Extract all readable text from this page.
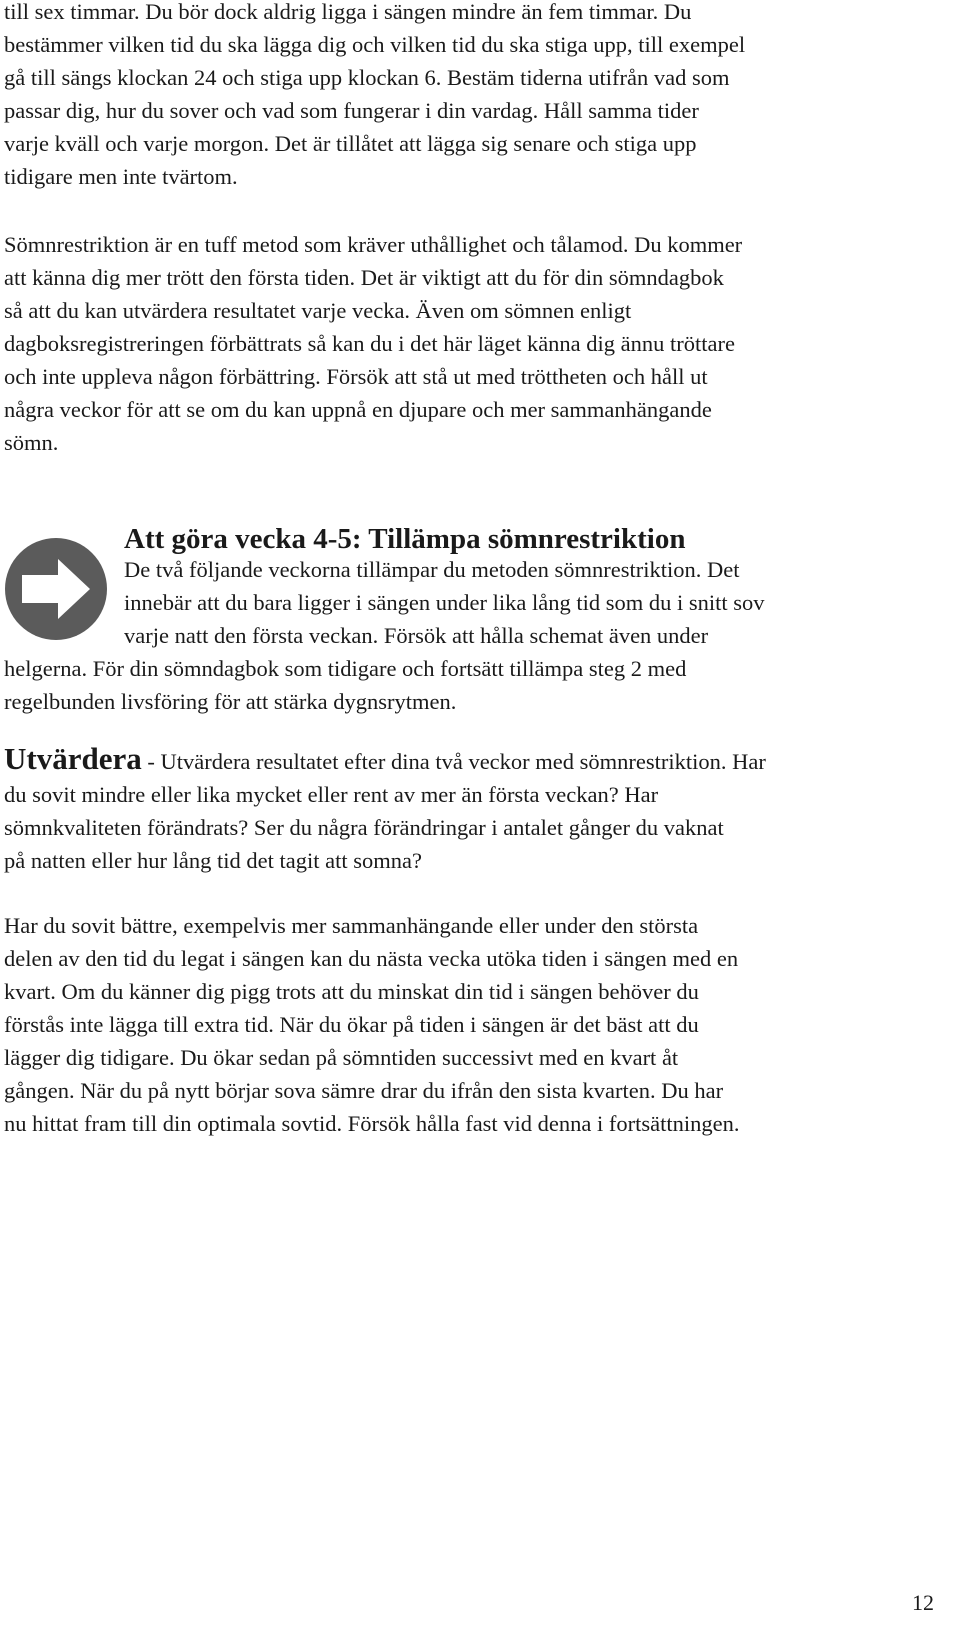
till sex timmar. Du bör dock aldrig ligga i sängen mindre än fem timmar. Du
bestämmer vilken tid du ska lägga dig och vilken tid du ska stiga upp, till exempel
gå till sängs klockan 24 och stiga upp klockan 6. Bestäm tiderna utifrån vad som
passar dig, hur du sover och vad som fungerar i din vardag. Håll samma tider
varje kväll och varje morgon. Det är tillåtet att lägga sig senare och stiga upp
tidigare men inte tvärtom.
Sömnrestriktion är en tuff metod som kräver uthållighet och tålamod. Du kommer
att känna dig mer trött den första tiden. Det är viktigt att du för din sömndagbok
så att du kan utvärdera resultatet varje vecka. Även om sömnen enligt
dagboksregistreringen förbättrats så kan du i det här läget känna dig ännu tröttare
och inte uppleva någon förbättring. Försök att stå ut med tröttheten och håll ut
några veckor för att se om du kan uppnå en djupare och mer sammanhängande
sömn.
Att göra vecka 4-5: Tillämpa sömnrestriktion
De två följande veckorna tillämpar du metoden sömnrestriktion. Det
innebär att du bara ligger i sängen under lika lång tid som du i snitt sov
varje natt den första veckan. Försök att hålla schemat även under
helgerna. För din sömndagbok som tidigare och fortsätt tillämpa steg 2 med
regelbunden livsföring för att stärka dygnsrytmen.
Utvärdera - Utvärdera resultatet efter dina två veckor med sömnrestriktion. Har
du sovit mindre eller lika mycket eller rent av mer än första veckan? Har
sömnkvaliteten förändrats? Ser du några förändringar i antalet gånger du vaknat
på natten eller hur lång tid det tagit att somna?
Har du sovit bättre, exempelvis mer sammanhängande eller under den största
delen av den tid du legat i sängen kan du nästa vecka utöka tiden i sängen med en
kvart. Om du känner dig pigg trots att du minskat din tid i sängen behöver du
förstås inte lägga till extra tid. När du ökar på tiden i sängen är det bäst att du
lägger dig tidigare. Du ökar sedan på sömntiden successivt med en kvart åt
gången. När du på nytt börjar sova sämre drar du ifrån den sista kvarten. Du har
nu hittat fram till din optimala sovtid. Försök hålla fast vid denna i fortsättningen.
12
